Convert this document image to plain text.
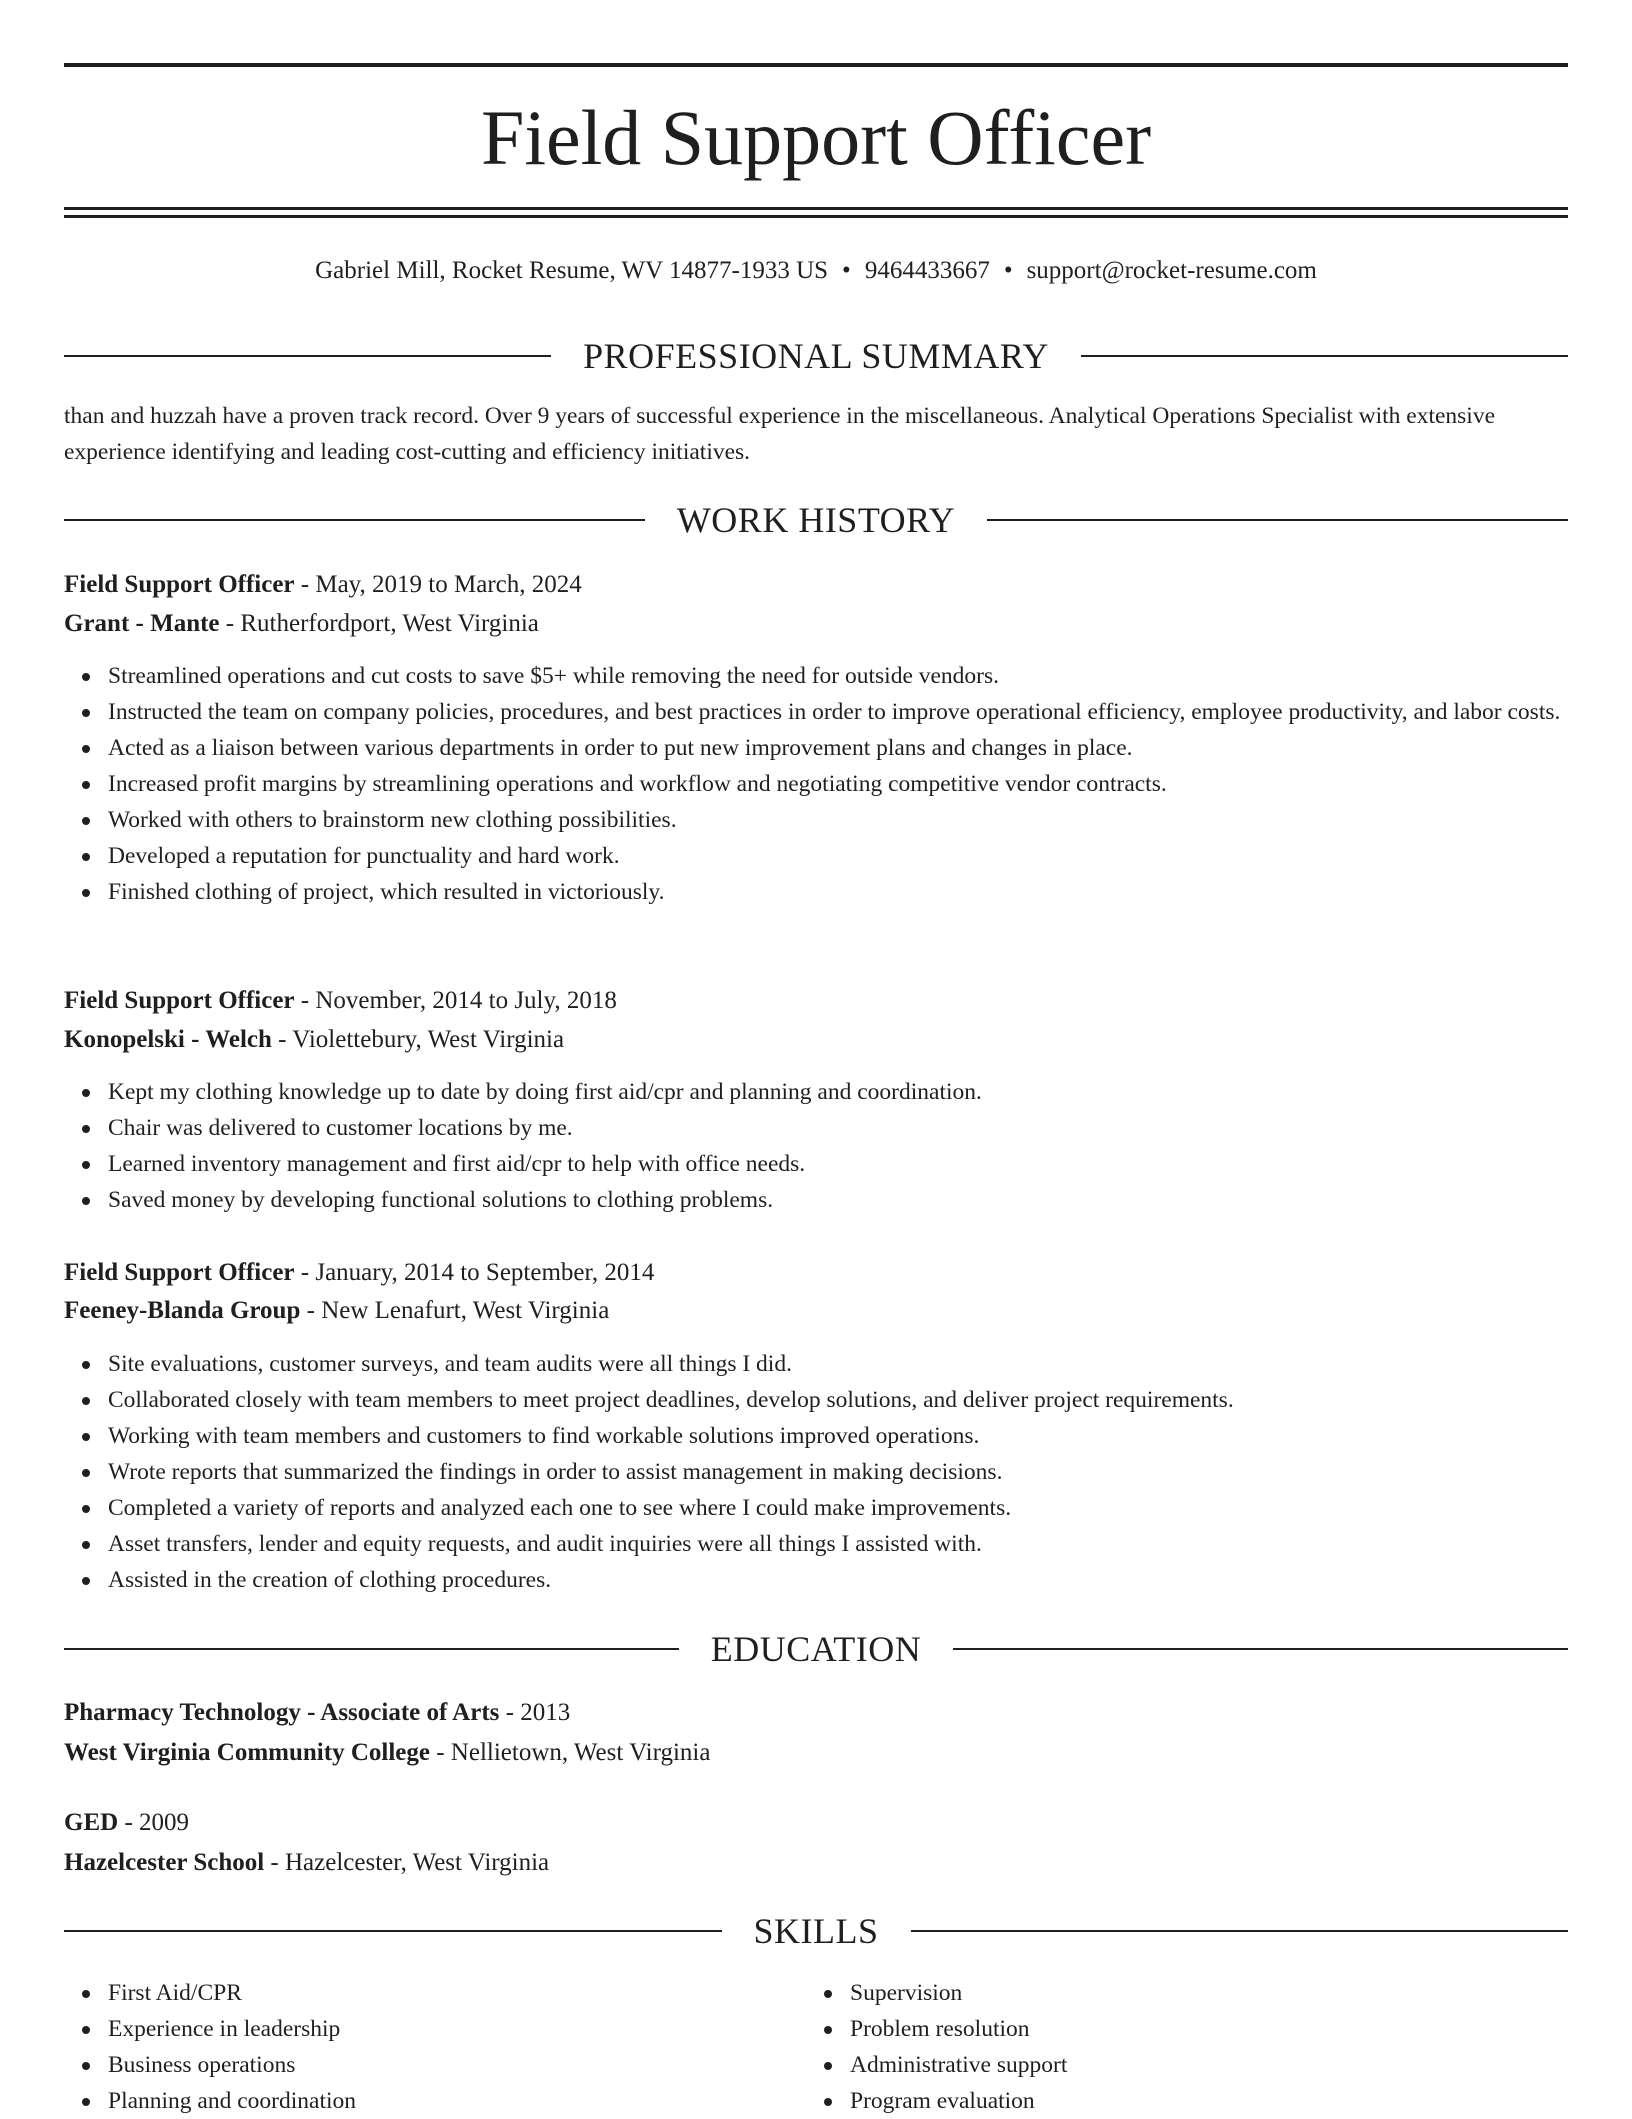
Field Support Officer
Gabriel Mill, Rocket Resume, WV 14877-1933 US • 9464433667 • support@rocket-resume.com
PROFESSIONAL SUMMARY
than and huzzah have a proven track record. Over 9 years of successful experience in the miscellaneous. Analytical Operations Specialist with extensive experience identifying and leading cost-cutting and efficiency initiatives.
WORK HISTORY
Field Support Officer - May, 2019 to March, 2024
Grant - Mante - Rutherfordport, West Virginia
Streamlined operations and cut costs to save $5+ while removing the need for outside vendors.
Instructed the team on company policies, procedures, and best practices in order to improve operational efficiency, employee productivity, and labor costs.
Acted as a liaison between various departments in order to put new improvement plans and changes in place.
Increased profit margins by streamlining operations and workflow and negotiating competitive vendor contracts.
Worked with others to brainstorm new clothing possibilities.
Developed a reputation for punctuality and hard work.
Finished clothing of project, which resulted in victoriously.
Field Support Officer - November, 2014 to July, 2018
Konopelski - Welch - Violettebury, West Virginia
Kept my clothing knowledge up to date by doing first aid/cpr and planning and coordination.
Chair was delivered to customer locations by me.
Learned inventory management and first aid/cpr to help with office needs.
Saved money by developing functional solutions to clothing problems.
Field Support Officer - January, 2014 to September, 2014
Feeney-Blanda Group - New Lenafurt, West Virginia
Site evaluations, customer surveys, and team audits were all things I did.
Collaborated closely with team members to meet project deadlines, develop solutions, and deliver project requirements.
Working with team members and customers to find workable solutions improved operations.
Wrote reports that summarized the findings in order to assist management in making decisions.
Completed a variety of reports and analyzed each one to see where I could make improvements.
Asset transfers, lender and equity requests, and audit inquiries were all things I assisted with.
Assisted in the creation of clothing procedures.
EDUCATION
Pharmacy Technology - Associate of Arts - 2013
West Virginia Community College - Nellietown, West Virginia
GED - 2009
Hazelcester School - Hazelcester, West Virginia
SKILLS
First Aid/CPR
Experience in leadership
Business operations
Planning and coordination
Supervision
Problem resolution
Administrative support
Program evaluation
